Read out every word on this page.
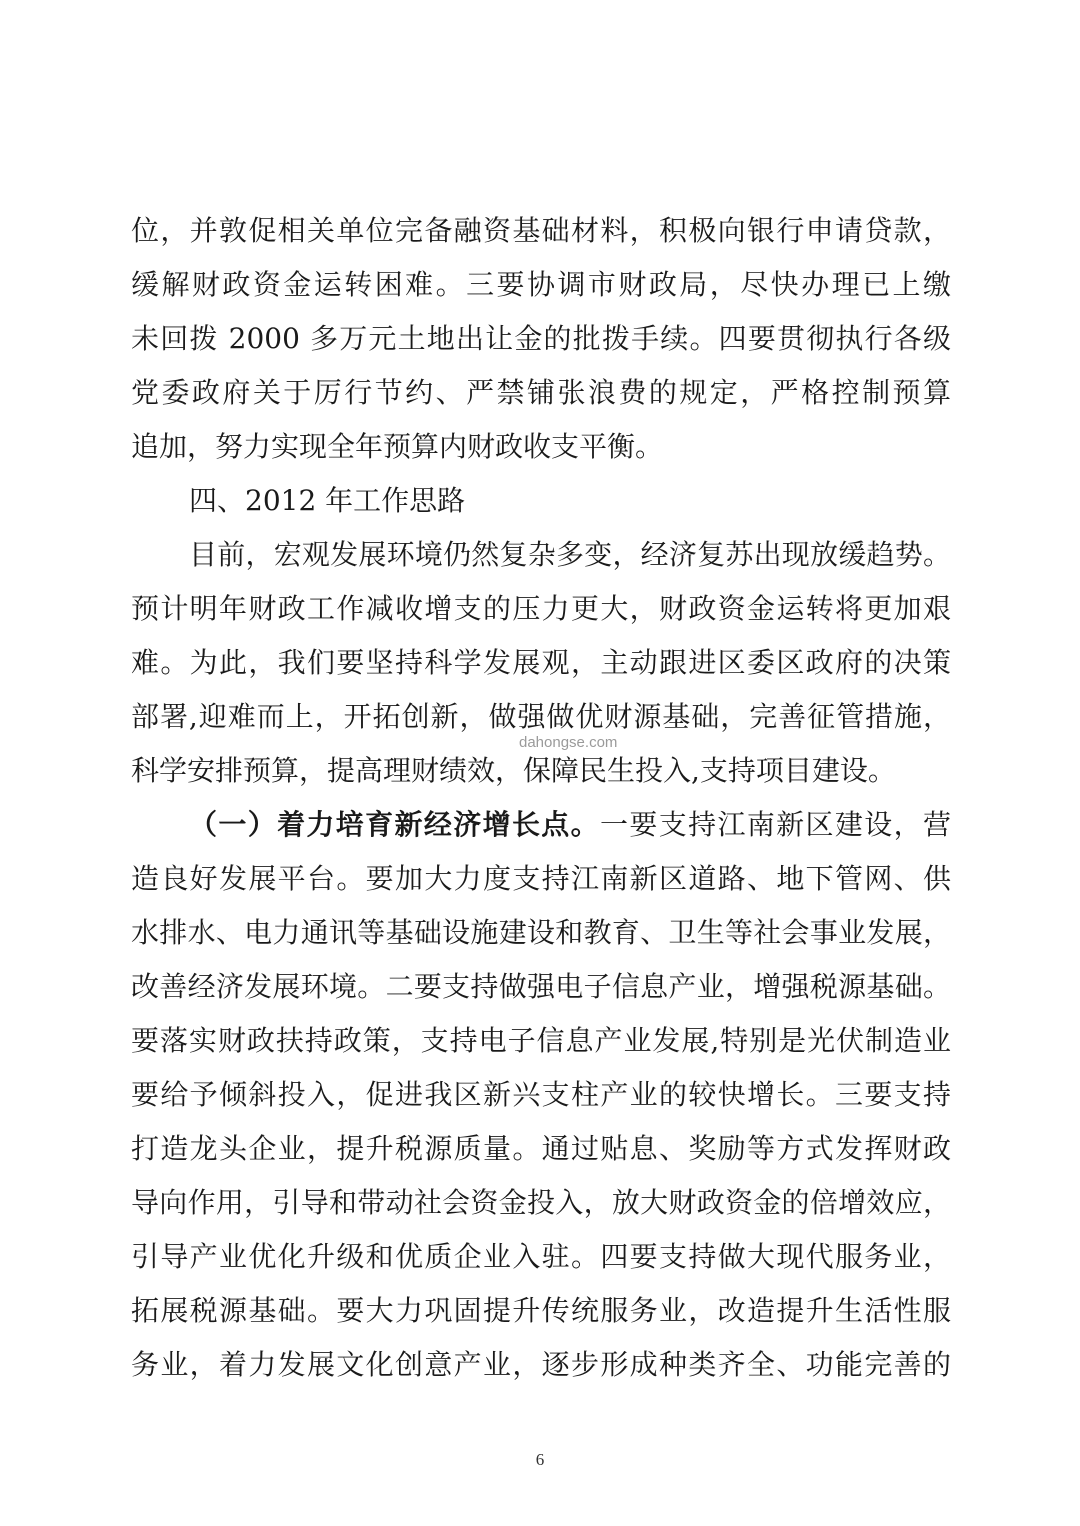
位，并敦促相关单位完备融资基础材料，积极向银行申请贷款，
缓解财政资金运转困难。三要协调市财政局，尽快办理已上缴
未回拨 2000 多万元土地出让金的批拨手续。四要贯彻执行各级
党委政府关于厉行节约、严禁铺张浪费的规定，严格控制预算
追加，努力实现全年预算内财政收支平衡。
四、2012 年工作思路
目前，宏观发展环境仍然复杂多变，经济复苏出现放缓趋势。
预计明年财政工作减收增支的压力更大，财政资金运转将更加艰
难。为此，我们要坚持科学发展观，主动跟进区委区政府的决策
部署,迎难而上，开拓创新，做强做优财源基础，完善征管措施，
科学安排预算，提高理财绩效，保障民生投入,支持项目建设。
（一）着力培育新经济增长点。一要支持江南新区建设，营
造良好发展平台。要加大力度支持江南新区道路、地下管网、供
水排水、电力通讯等基础设施建设和教育、卫生等社会事业发展，
改善经济发展环境。二要支持做强电子信息产业，增强税源基础。
要落实财政扶持政策，支持电子信息产业发展,特别是光伏制造业
要给予倾斜投入，促进我区新兴支柱产业的较快增长。三要支持
打造龙头企业，提升税源质量。通过贴息、奖励等方式发挥财政
导向作用，引导和带动社会资金投入，放大财政资金的倍增效应，
引导产业优化升级和优质企业入驻。四要支持做大现代服务业，
拓展税源基础。要大力巩固提升传统服务业，改造提升生活性服
务业，着力发展文化创意产业，逐步形成种类齐全、功能完善的
dahongse.com
6
